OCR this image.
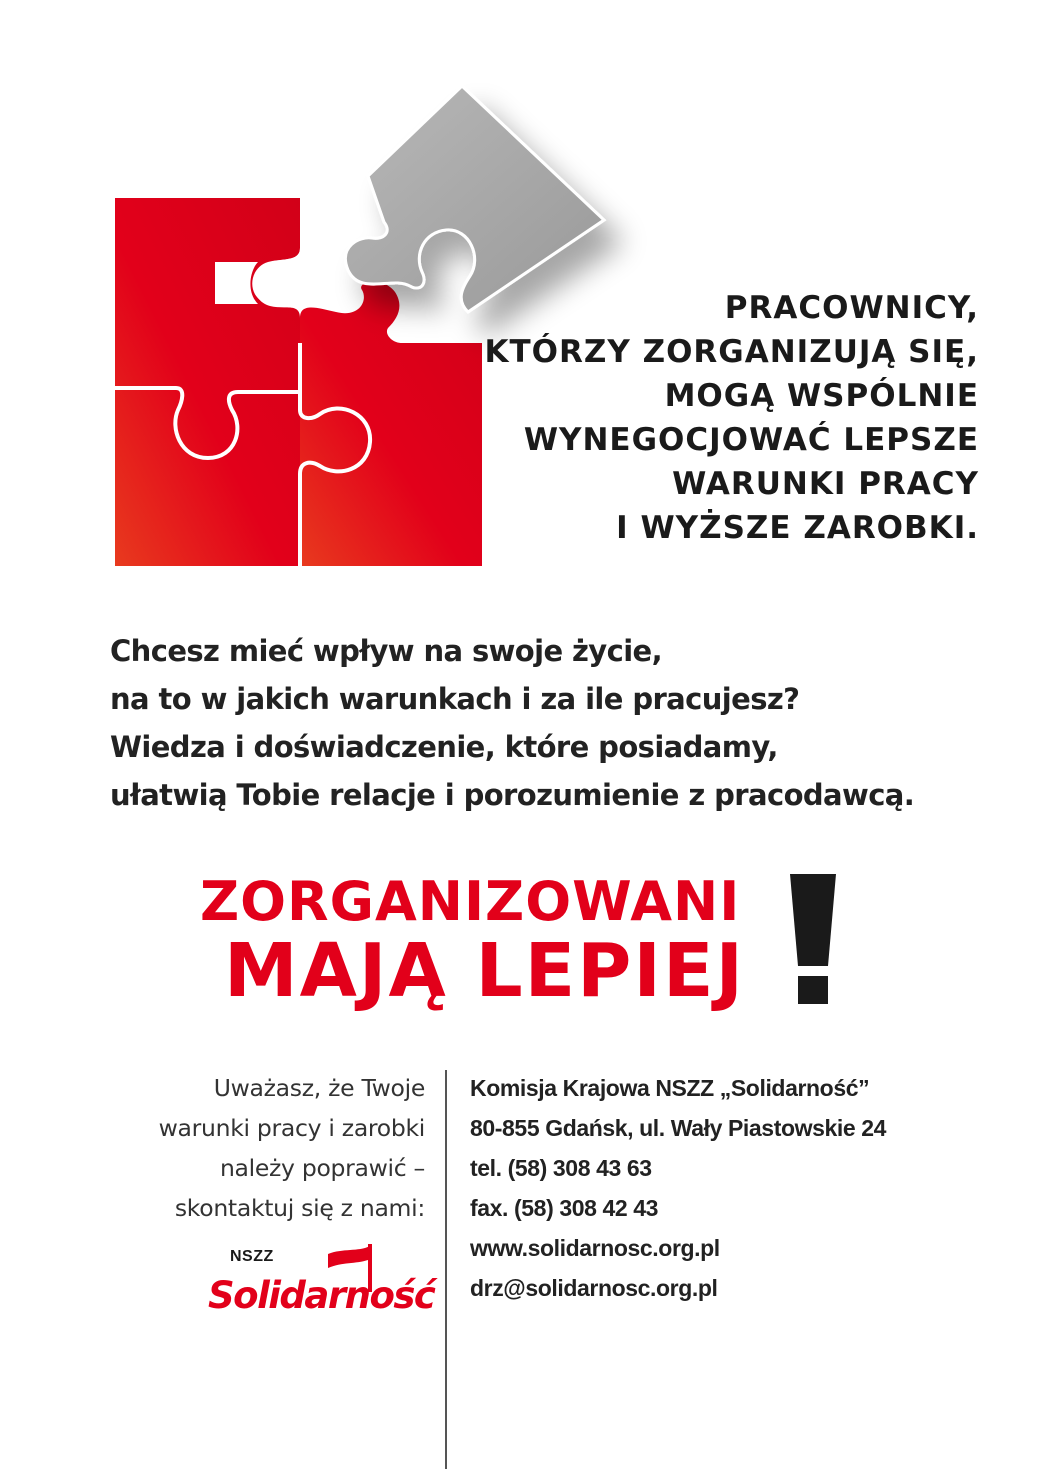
PRACOWNICY,
KTÓRZY ZORGANIZUJĄ SIĘ,
MOGĄ WSPÓLNIE
WYNEGOCJOWAĆ LEPSZE
WARUNKI PRACY
I WYŻSZE ZAROBKI.
Chcesz mieć wpływ na swoje życie,
na to w jakich warunkach i za ile pracujesz?
Wiedza i doświadczenie, które posiadamy,
ułatwią Tobie relacje i porozumienie z pracodawcą.
ZORGANIZOWANI
MAJĄ LEPIEJ
Uważasz, że Twoje
warunki pracy i zarobki
należy poprawić –
skontaktuj się z nami:
NSZZ
Solidarność
Komisja Krajowa NSZZ „Solidarność”
80-855 Gdańsk, ul. Wały Piastowskie 24
tel. (58) 308 43 63
fax. (58) 308 42 43
www.solidarnosc.org.pl
drz@solidarnosc.org.pl
